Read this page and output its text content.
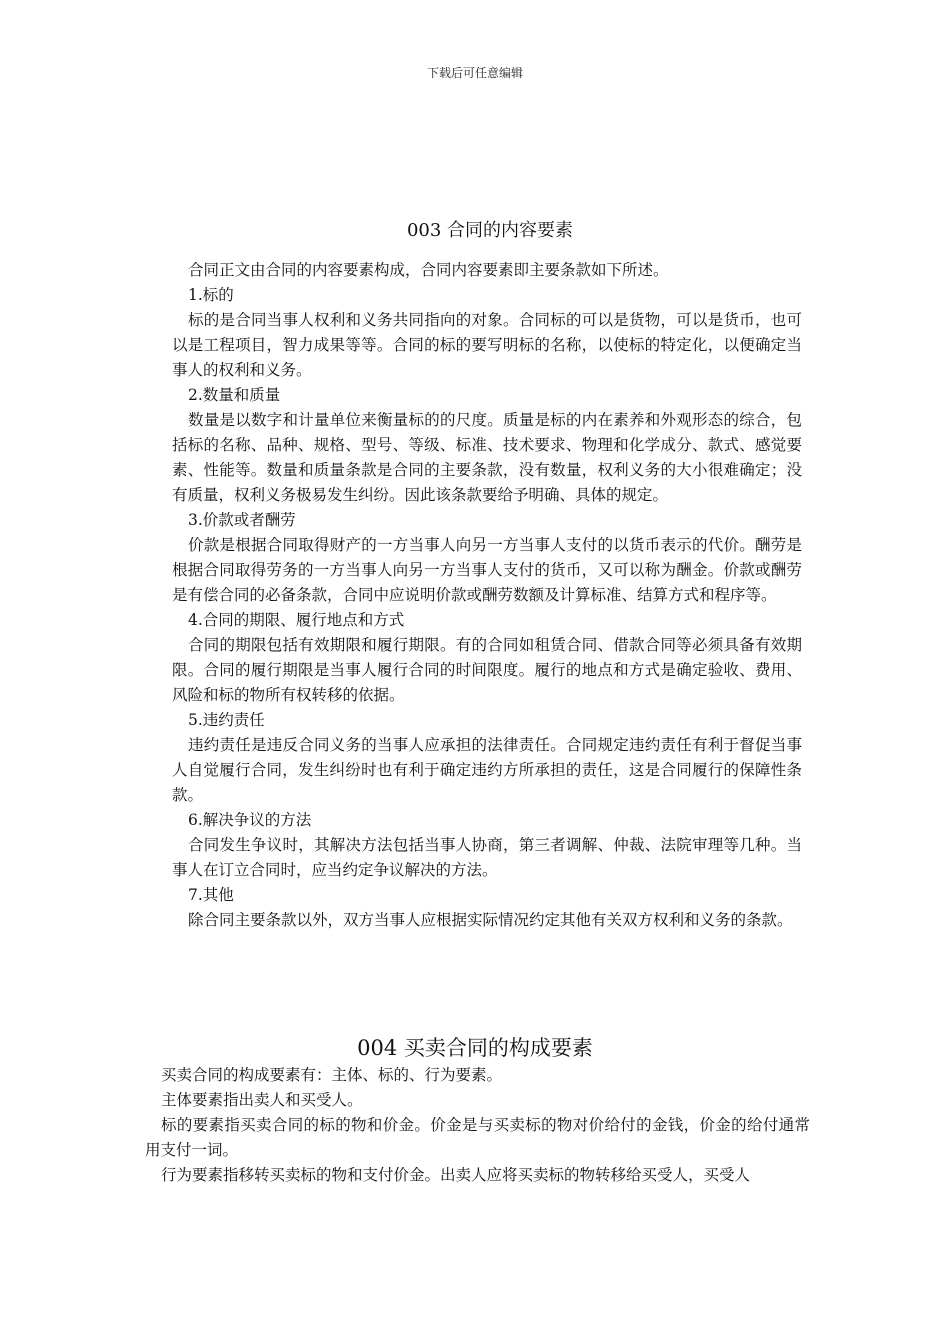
下载后可任意编辑
003 合同的内容要素

合同正文由合同的内容要素构成，合同内容要素即主要条款如下所述。

1.标的

标的是合同当事人权利和义务共同指向的对象。合同标的可以是货物，可以是货币，也可以是工程项目，智力成果等等。合同的标的要写明标的名称，以使标的特定化，以便确定当事人的权利和义务。

2.数量和质量

数量是以数字和计量单位来衡量标的的尺度。质量是标的内在素养和外观形态的综合，包括标的名称、品种、规格、型号、等级、标准、技术要求、物理和化学成分、款式、感觉要素、性能等。数量和质量条款是合同的主要条款，没有数量，权利义务的大小很难确定；没有质量，权利义务极易发生纠纷。因此该条款要给予明确、具体的规定。

3.价款或者酬劳

价款是根据合同取得财产的一方当事人向另一方当事人支付的以货币表示的代价。酬劳是根据合同取得劳务的一方当事人向另一方当事人支付的货币，又可以称为酬金。价款或酬劳是有偿合同的必备条款，合同中应说明价款或酬劳数额及计算标准、结算方式和程序等。

4.合同的期限、履行地点和方式

合同的期限包括有效期限和履行期限。有的合同如租赁合同、借款合同等必须具备有效期限。合同的履行期限是当事人履行合同的时间限度。履行的地点和方式是确定验收、费用、风险和标的物所有权转移的依据。

5.违约责任

违约责任是违反合同义务的当事人应承担的法律责任。合同规定违约责任有利于督促当事人自觉履行合同，发生纠纷时也有利于确定违约方所承担的责任，这是合同履行的保障性条款。

6.解决争议的方法

合同发生争议时，其解决方法包括当事人协商，第三者调解、仲裁、法院审理等几种。当事人在订立合同时，应当约定争议解决的方法。

7.其他

除合同主要条款以外，双方当事人应根据实际情况约定其他有关双方权利和义务的条款。

004 买卖合同的构成要素

买卖合同的构成要素有：主体、标的、行为要素。

主体要素指出卖人和买受人。

标的要素指买卖合同的标的物和价金。价金是与买卖标的物对价给付的金钱，价金的给付通常用支付一词。

行为要素指移转买卖标的物和支付价金。出卖人应将买卖标的物转移给买受人，买受人
